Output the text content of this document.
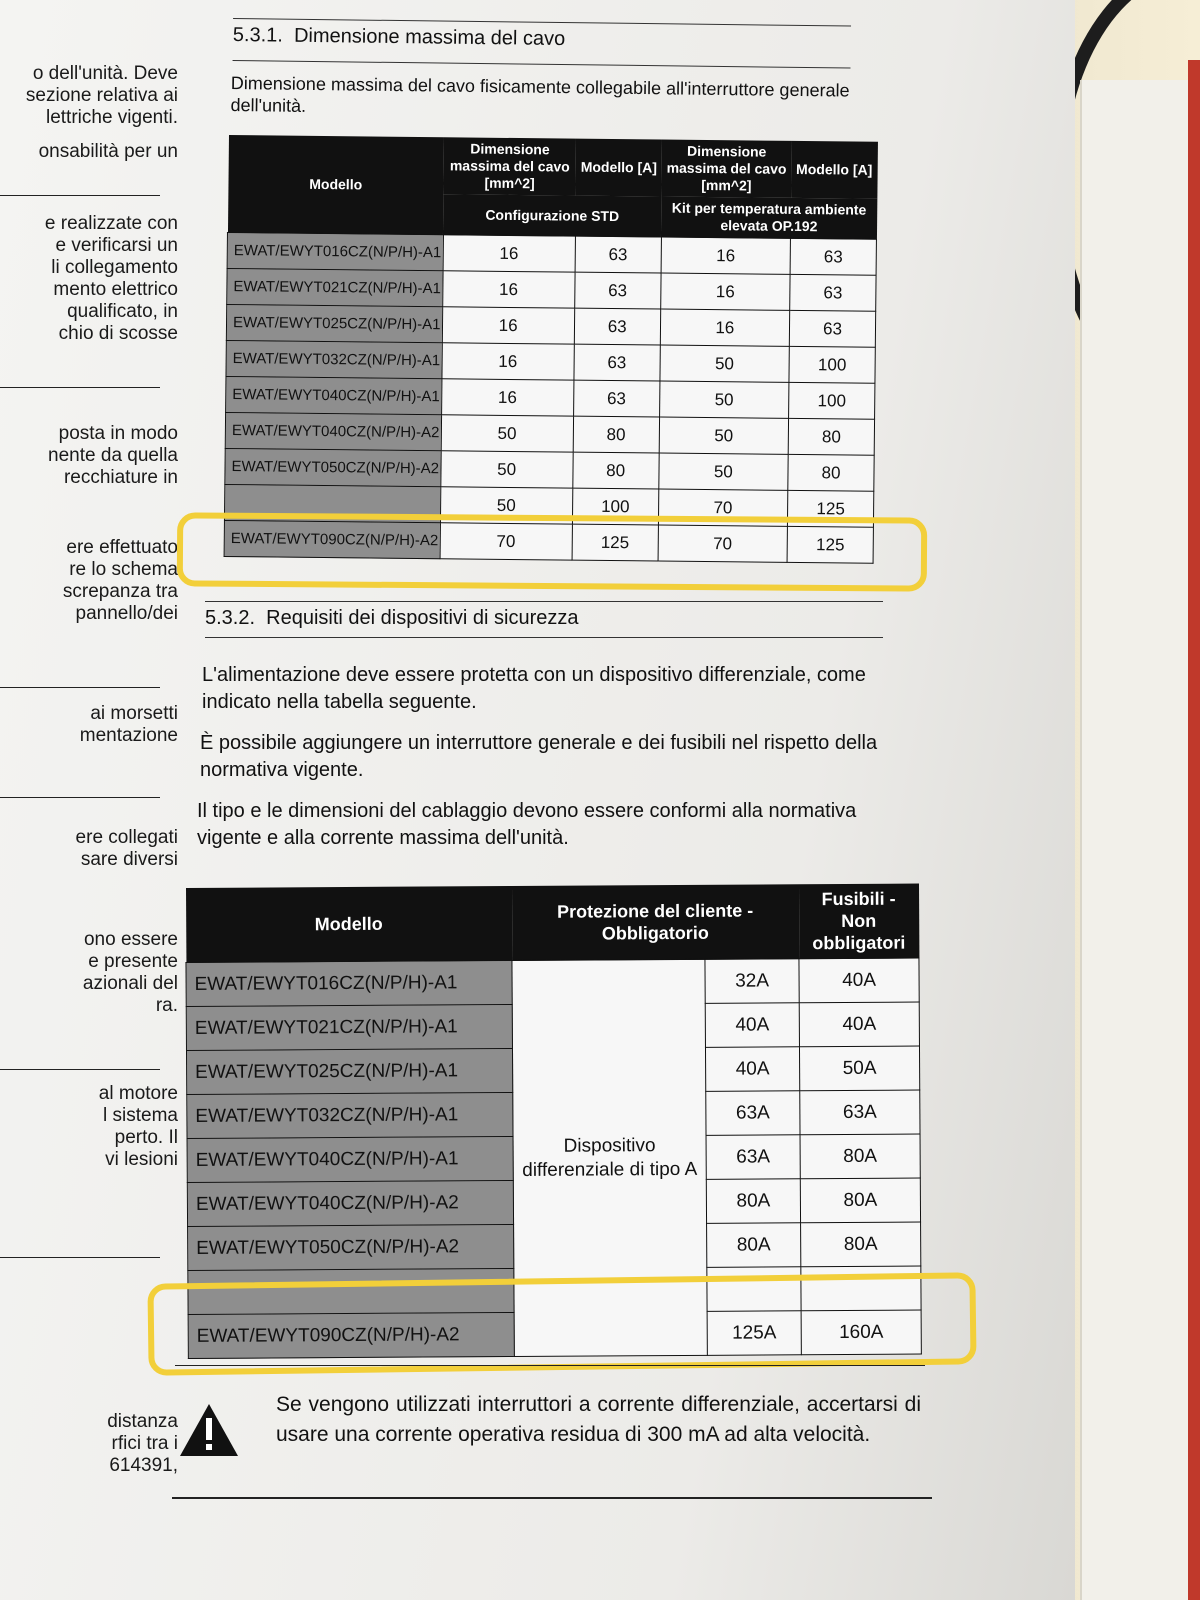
o dell'unità. Deve
sezione relativa ai
lettriche vigenti.
onsabilità per un
e realizzate con
e verificarsi un
li collegamento
mento elettrico
qualificato, in
chio di scosse
posta in modo
nente da quella
recchiature in
ere effettuato
re lo schema
screpanza tra
pannello/dei
ai morsetti
mentazione
ere collegati
sare diversi
ono essere
e presente
azionali del
ra.
al motore
l sistema
perto. Il
vi lesioni
distanza
rfici tra i
614391,
5.3.1. Dimensione massima del cavo
Dimensione massima del cavo fisicamente collegabile all'interruttore generale dell'unità.
Modello	Dimensione massima del cavo [mm^2]	Modello [A]	Dimensione massima del cavo [mm^2]	Modello [A]
	Configurazione STD		Kit per temperatura ambiente elevata OP.192	
EWAT/EWYT016CZ(N/P/H)-A1	16	63	16	63
EWAT/EWYT021CZ(N/P/H)-A1	16	63	16	63
EWAT/EWYT025CZ(N/P/H)-A1	16	63	16	63
EWAT/EWYT032CZ(N/P/H)-A1	16	63	50	100
EWAT/EWYT040CZ(N/P/H)-A1	16	63	50	100
EWAT/EWYT040CZ(N/P/H)-A2	50	80	50	80
EWAT/EWYT050CZ(N/P/H)-A2	50	80	50	80
	50	100	70	125
EWAT/EWYT090CZ(N/P/H)-A2	70	125	70	125
5.3.2. Requisiti dei dispositivi di sicurezza
L'alimentazione deve essere protetta con un dispositivo differenziale, come indicato nella tabella seguente.
È possibile aggiungere un interruttore generale e dei fusibili nel rispetto della normativa vigente.
Il tipo e le dimensioni del cablaggio devono essere conformi alla normativa vigente e alla corrente massima dell'unità.
Modello	Protezione del cliente - Obbligatorio		Fusibili - Non obbligatori
EWAT/EWYT016CZ(N/P/H)-A1	Dispositivo differenziale di tipo A	32A	40A
EWAT/EWYT021CZ(N/P/H)-A1		40A	40A
EWAT/EWYT025CZ(N/P/H)-A1		40A	50A
EWAT/EWYT032CZ(N/P/H)-A1		63A	63A
EWAT/EWYT040CZ(N/P/H)-A1		63A	80A
EWAT/EWYT040CZ(N/P/H)-A2		80A	80A
EWAT/EWYT050CZ(N/P/H)-A2		80A	80A

EWAT/EWYT090CZ(N/P/H)-A2		125A	160A
Se vengono utilizzati interruttori a corrente differenziale, accertarsi di usare una corrente operativa residua di 300 mA ad alta velocità.
